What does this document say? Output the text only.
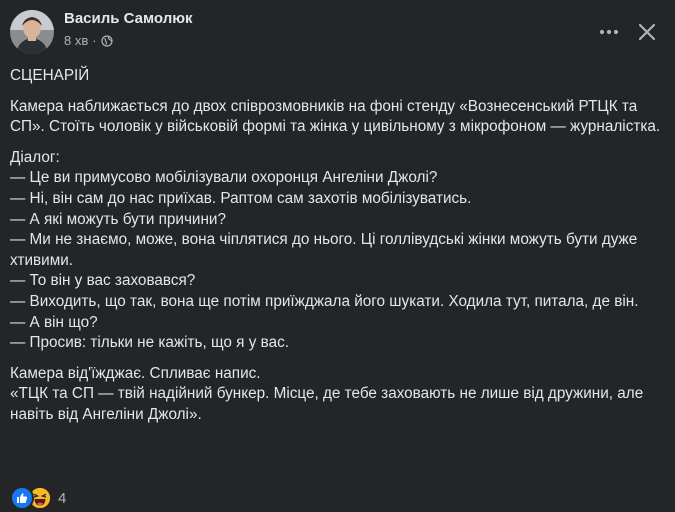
Васил‌ь Самолюк
8 хв ·

СЦЕНАРІЙ

Камера наближається до двох співрозмовників на фоні стенду «Вознесенський РТЦК та СП». Стоїть чоловік у військовій формі та жінка у цивільному з мікрофоном — журналістка.

Діалог:

— Це ви примусово мобілізували охоронця Ангеліни Джолі?

— Ні, він сам до нас приїхав. Раптом сам захотів мобілізуватись.

— А які можуть бути причини?

— Ми не знаємо, може, вона чіплятися до нього. Ці голлівудські жінки можуть бути дуже хтивими.

— То він у вас заховався?

— Виходить, що так, вона ще потім приїжджала його шукати. Ходила тут, питала, де він.

— А він що?

— Просив: тільки не кажіть, що я у вас.

Камера від'їжджає. Спливає напис.

«ТЦК та СП — твій надійний бункер. Місце, де тебе заховають не лише від дружини, але навіть від Ангеліни Джолі».

4
